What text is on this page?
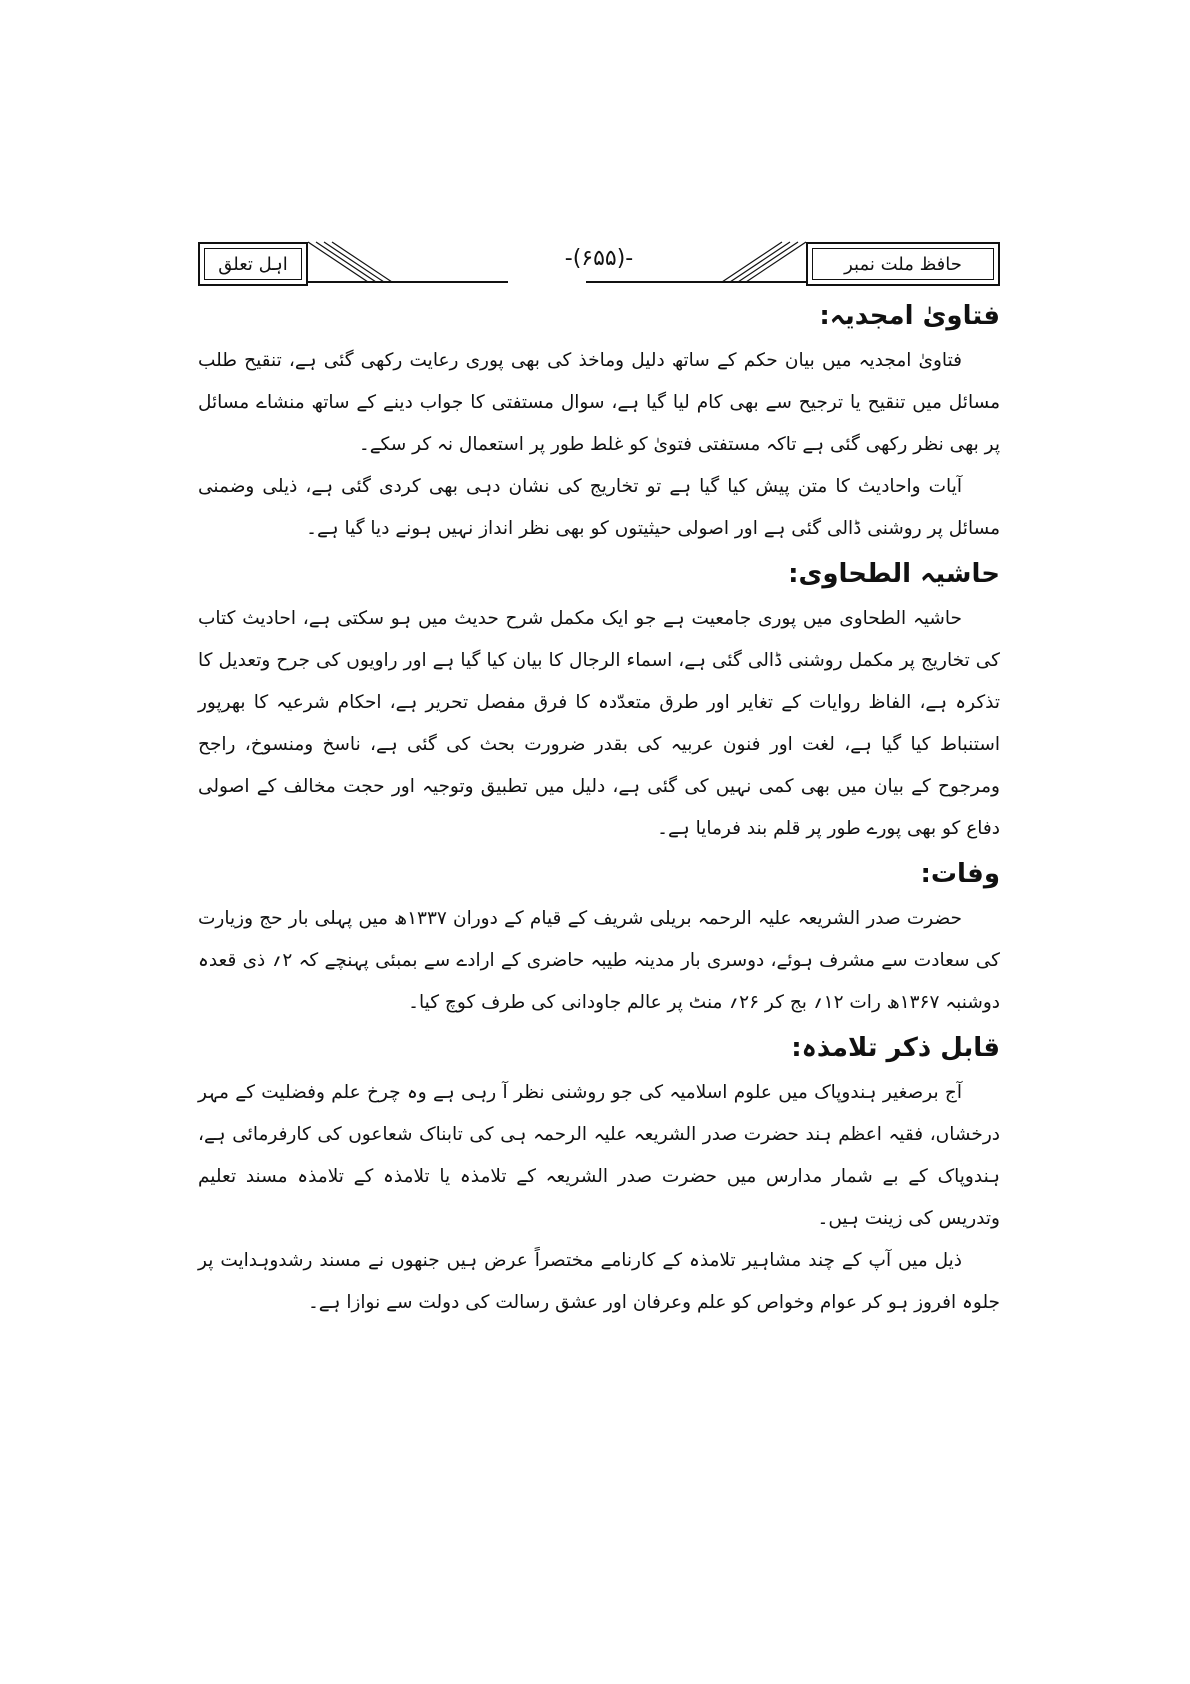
اہل تعلق	-(۶۵۵)-	حافظ ملت نمبر
فتاویٰ امجدیہ:

فتاویٰ امجدیہ میں بیان حکم کے ساتھ دلیل وماخذ کی بھی پوری رعایت رکھی گئی ہے، تنقیح طلب مسائل میں تنقیح یا ترجیح سے بھی کام لیا گیا ہے، سوال مستفتی کا جواب دینے کے ساتھ منشاے مسائل پر بھی نظر رکھی گئی ہے تاکہ مستفتی فتویٰ کو غلط طور پر استعمال نہ کر سکے۔

آیات واحادیث کا متن پیش کیا گیا ہے تو تخاریج کی نشان دہی بھی کردی گئی ہے، ذیلی وضمنی مسائل پر روشنی ڈالی گئی ہے اور اصولی حیثیتوں کو بھی نظر انداز نہیں ہونے دیا گیا ہے۔

حاشیہ الطحاوی:

حاشیہ الطحاوی میں پوری جامعیت ہے جو ایک مکمل شرح حدیث میں ہو سکتی ہے، احادیث کتاب کی تخاریج پر مکمل روشنی ڈالی گئی ہے، اسماء الرجال کا بیان کیا گیا ہے اور راویوں کی جرح وتعدیل کا تذکرہ ہے، الفاظ روایات کے تغایر اور طرق متعدّدہ کا فرق مفصل تحریر ہے، احکام شرعیہ کا بھرپور استنباط کیا گیا ہے، لغت اور فنون عربیہ کی بقدر ضرورت بحث کی گئی ہے، ناسخ ومنسوخ، راجح ومرجوح کے بیان میں بھی کمی نہیں کی گئی ہے، دلیل میں تطبیق وتوجیہ اور حجت مخالف کے اصولی دفاع کو بھی پورے طور پر قلم بند فرمایا ہے۔

وفات:

حضرت صدر الشریعہ علیہ الرحمہ بریلی شریف کے قیام کے دوران ۱۳۳۷ھ میں پہلی بار حج وزیارت کی سعادت سے مشرف ہوئے، دوسری بار مدینہ طیبہ حاضری کے ارادے سے بمبئی پہنچے کہ ۲؍ ذی قعدہ دوشنبہ ۱۳۶۷ھ رات ۱۲؍ بج کر ۲۶؍ منٹ پر عالم جاودانی کی طرف کوچ کیا۔

قابل ذکر تلامذہ:

آج برصغیر ہندوپاک میں علوم اسلامیہ کی جو روشنی نظر آ رہی ہے وہ چرخ علم وفضلیت کے مہر درخشاں، فقیہ اعظم ہند حضرت صدر الشریعہ علیہ الرحمہ ہی کی تابناک شعاعوں کی کارفرمائی ہے، ہندوپاک کے بے شمار مدارس میں حضرت صدر الشریعہ کے تلامذہ یا تلامذہ کے تلامذہ مسند تعلیم وتدریس کی زینت ہیں۔

ذیل میں آپ کے چند مشاہیر تلامذہ کے کارنامے مختصراً عرض ہیں جنھوں نے مسند رشدوہدایت پر جلوہ افروز ہو کر عوام وخواص کو علم وعرفان اور عشق رسالت کی دولت سے نوازا ہے۔
